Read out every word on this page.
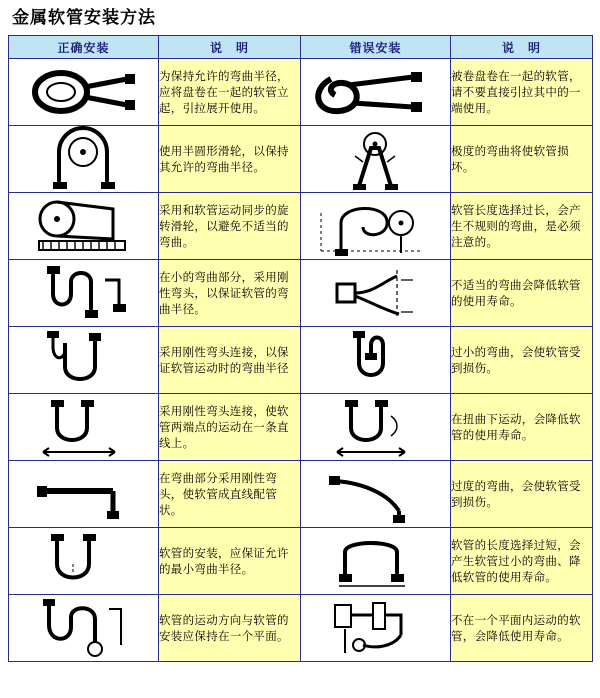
金属软管安装方法
正确安装	说　明	错误安装	说　明

	为保持允许的弯曲半径，应将盘卷在一起的软管立起，引拉展开使用。		被卷盘卷在一起的软管，请不要直接引拉其中的一端使用。

	使用半圆形滑轮，以保持其允许的弯曲半径。		极度的弯曲将使软管损坏。

	采用和软管运动同步的旋转滑轮，以避免不适当的弯曲。		软管长度选择过长，会产生不规则的弯曲，是必须注意的。

	在小的弯曲部分，采用刚性弯头，以保证软管的弯曲半径。		不适当的弯曲会降低软管的使用寿命。

	采用刚性弯头连接，以保证软管运动时的弯曲半径		过小的弯曲，会使软管受到损伤。

	采用刚性弯头连接，使软管两端点的运动在一条直线上。		在扭曲下运动，会降低软管的使用寿命。

	在弯曲部分采用刚性弯头，使软管成直线配管状。		过度的弯曲，会使软管受到损伤。

	软管的安装，应保证允许的最小弯曲半径。		软管的长度选择过短，会产生软管过小的弯曲、降低软管的使用寿命。

	软管的运动方向与软管的安装应保持在一个平面。		不在一个平面内运动的软管，会降低使用寿命。
